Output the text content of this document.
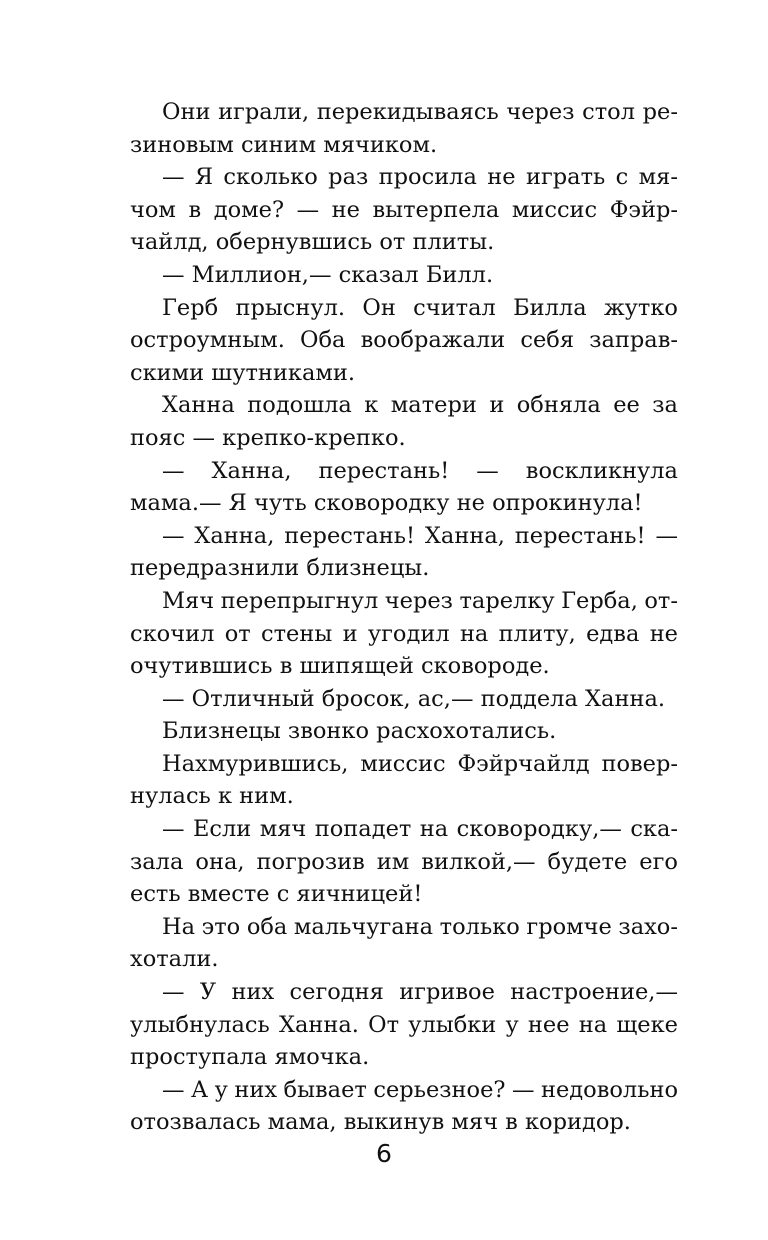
Они играли, перекидываясь через стол ре-
зиновым синим мячиком.
— Я сколько раз просила не играть с мя-
чом в доме? — не вытерпела миссис Фэйр-
чайлд, обернувшись от плиты.
— Миллион,— сказал Билл.
Герб прыснул. Он считал Билла жутко
остроумным. Оба воображали себя заправ-
скими шутниками.
Ханна подошла к матери и обняла ее за
пояс — крепко-крепко.
— Ханна, перестань! — воскликнула
мама.— Я чуть сковородку не опрокинула!
— Ханна, перестань! Ханна, перестань! —
передразнили близнецы.
Мяч перепрыгнул через тарелку Герба, от-
скочил от стены и угодил на плиту, едва не
очутившись в шипящей сковороде.
— Отличный бросок, ас,— поддела Ханна.
Близнецы звонко расхохотались.
Нахмурившись, миссис Фэйрчайлд повер-
нулась к ним.
— Если мяч попадет на сковородку,— ска-
зала она, погрозив им вилкой,— будете его
есть вместе с яичницей!
На это оба мальчугана только громче захо-
хотали.
— У них сегодня игривое настроение,—
улыбнулась Ханна. От улыбки у нее на щеке
проступала ямочка.
— А у них бывает серьезное? — недовольно
отозвалась мама, выкинув мяч в коридор.
6
